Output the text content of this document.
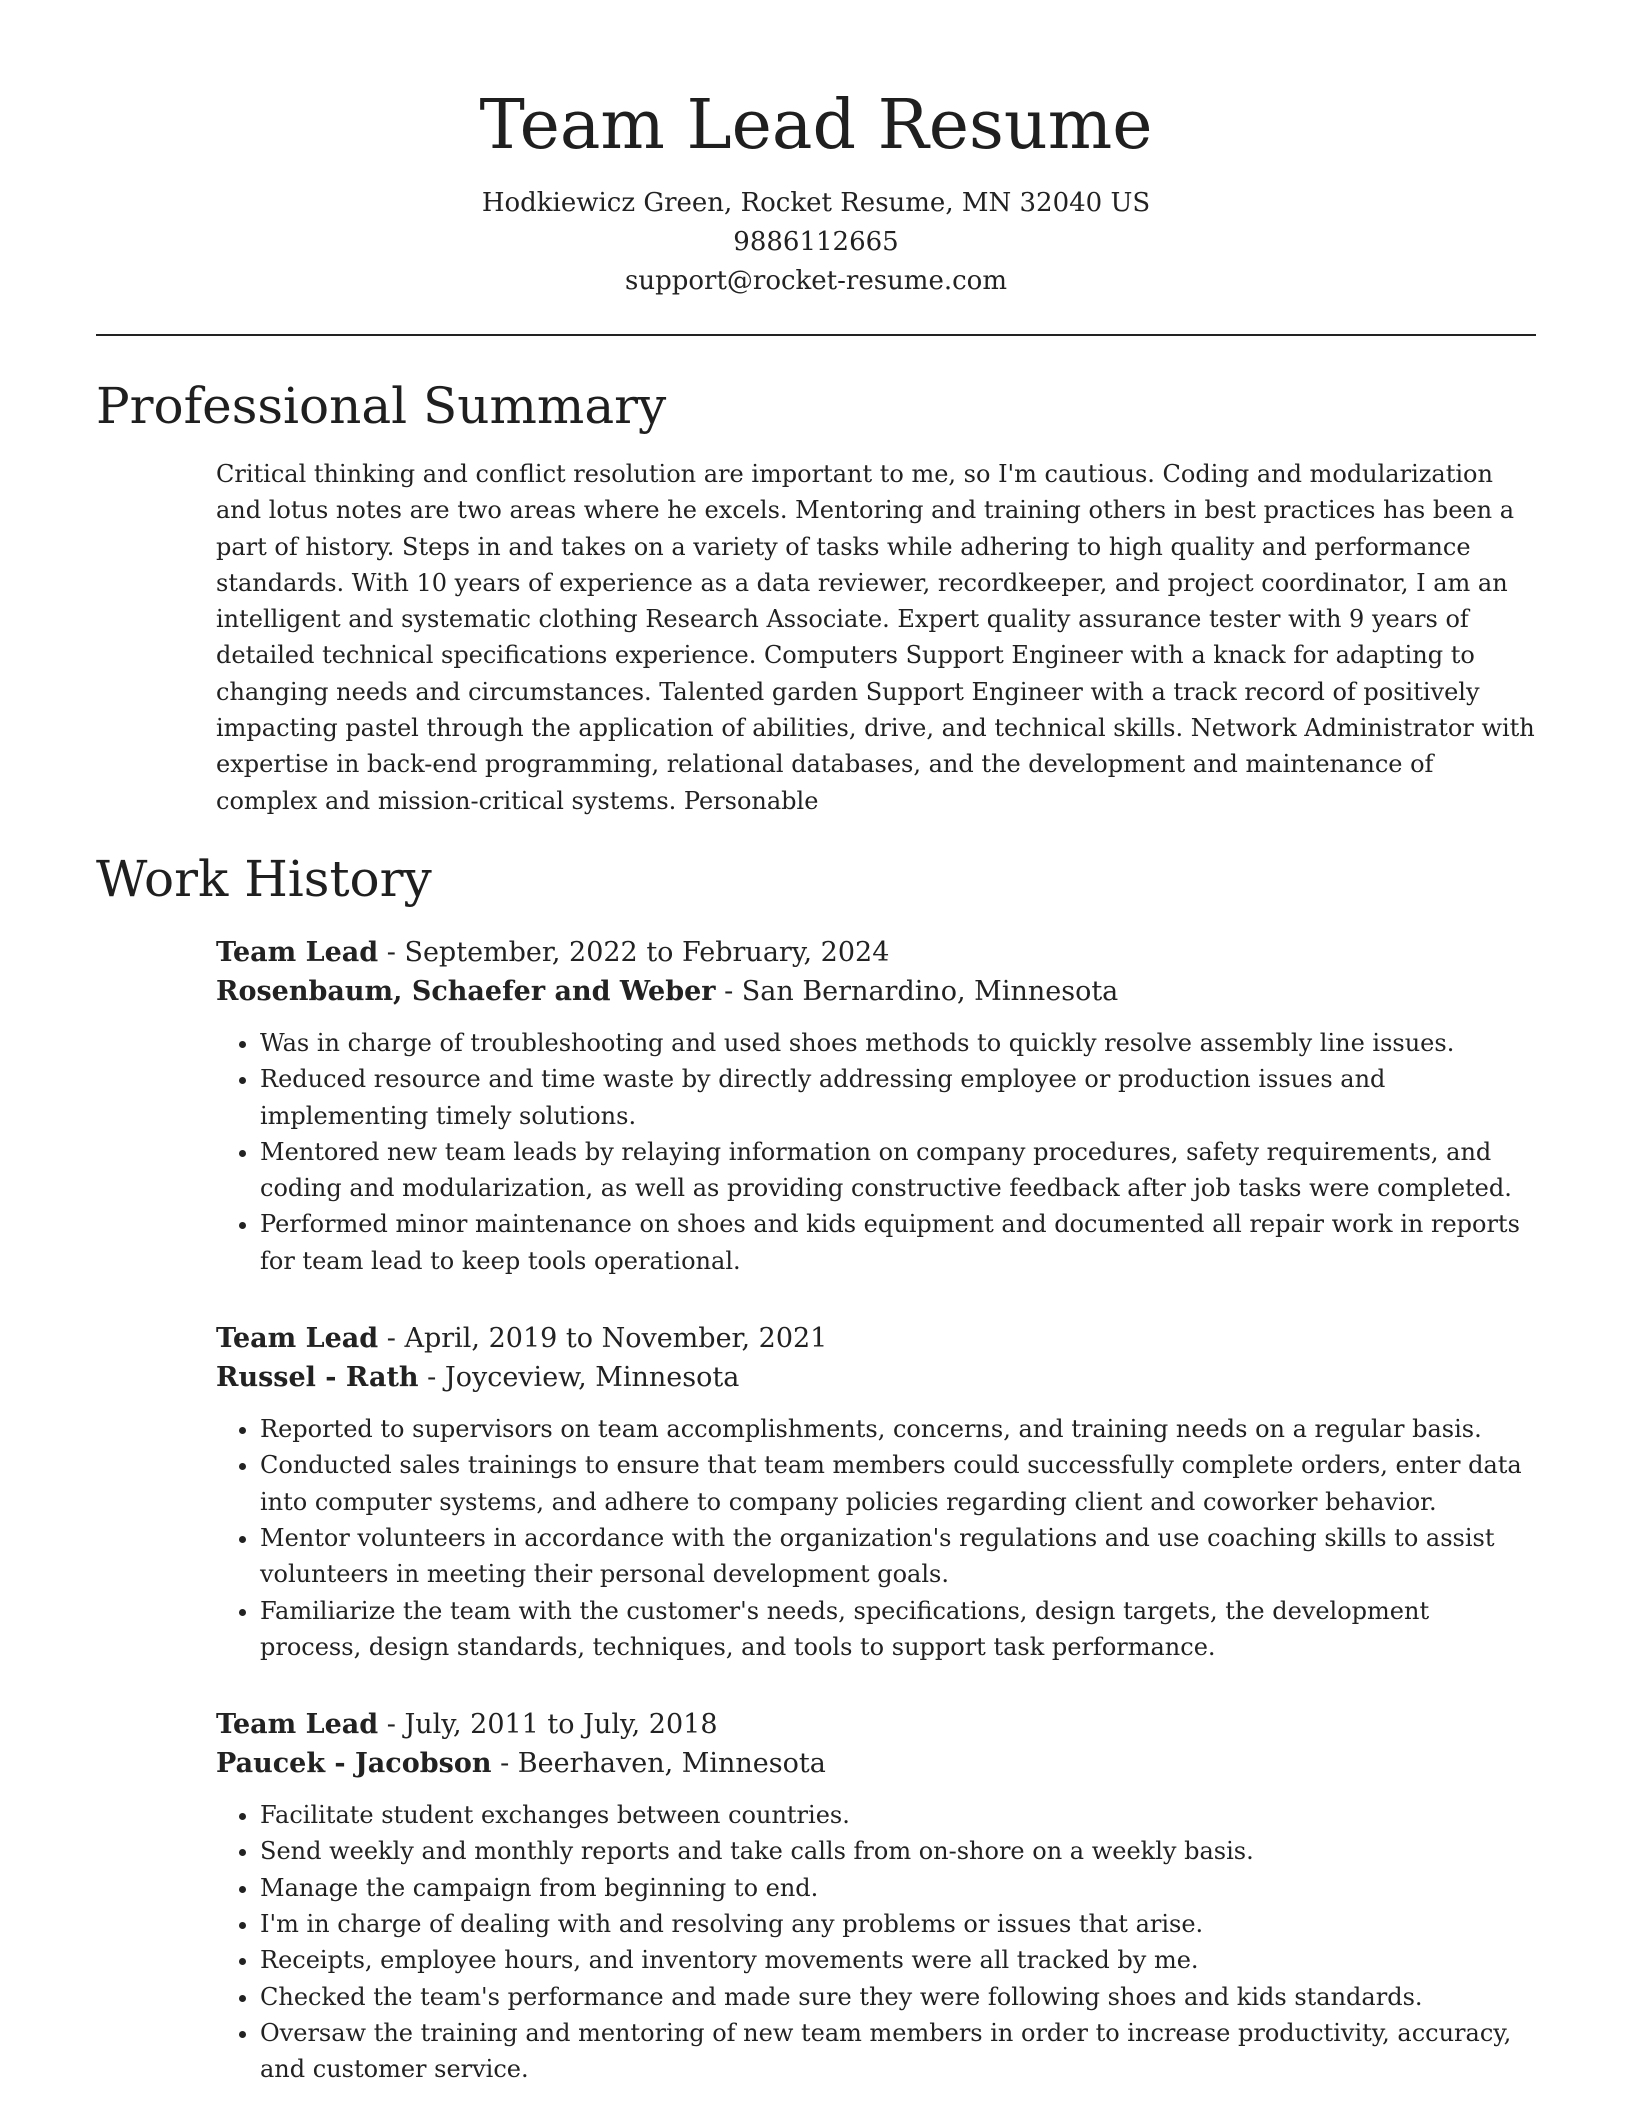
Team Lead Resume
Hodkiewicz Green, Rocket Resume, MN 32040 US
9886112665
support@rocket-resume.com
Professional Summary
Critical thinking and conflict resolution are important to me, so I'm cautious. Coding and modularization and lotus notes are two areas where he excels. Mentoring and training others in best practices has been a part of history. Steps in and takes on a variety of tasks while adhering to high quality and performance standards. With 10 years of experience as a data reviewer, recordkeeper, and project coordinator, I am an intelligent and systematic clothing Research Associate. Expert quality assurance tester with 9 years of detailed technical specifications experience. Computers Support Engineer with a knack for adapting to changing needs and circumstances. Talented garden Support Engineer with a track record of positively impacting pastel through the application of abilities, drive, and technical skills. Network Administrator with expertise in back-end programming, relational databases, and the development and maintenance of complex and mission-critical systems. Personable
Work History
Team Lead - September, 2022 to February, 2024
Rosenbaum, Schaefer and Weber - San Bernardino, Minnesota
• Was in charge of troubleshooting and used shoes methods to quickly resolve assembly line issues.
• Reduced resource and time waste by directly addressing employee or production issues and implementing timely solutions.
• Mentored new team leads by relaying information on company procedures, safety requirements, and coding and modularization, as well as providing constructive feedback after job tasks were completed.
• Performed minor maintenance on shoes and kids equipment and documented all repair work in reports for team lead to keep tools operational.
Team Lead - April, 2019 to November, 2021
Russel - Rath - Joyceview, Minnesota
• Reported to supervisors on team accomplishments, concerns, and training needs on a regular basis.
• Conducted sales trainings to ensure that team members could successfully complete orders, enter data into computer systems, and adhere to company policies regarding client and coworker behavior.
• Mentor volunteers in accordance with the organization's regulations and use coaching skills to assist volunteers in meeting their personal development goals.
• Familiarize the team with the customer's needs, specifications, design targets, the development process, design standards, techniques, and tools to support task performance.
Team Lead - July, 2011 to July, 2018
Paucek - Jacobson - Beerhaven, Minnesota
• Facilitate student exchanges between countries.
• Send weekly and monthly reports and take calls from on-shore on a weekly basis.
• Manage the campaign from beginning to end.
• I'm in charge of dealing with and resolving any problems or issues that arise.
• Receipts, employee hours, and inventory movements were all tracked by me.
• Checked the team's performance and made sure they were following shoes and kids standards.
• Oversaw the training and mentoring of new team members in order to increase productivity, accuracy, and customer service.
